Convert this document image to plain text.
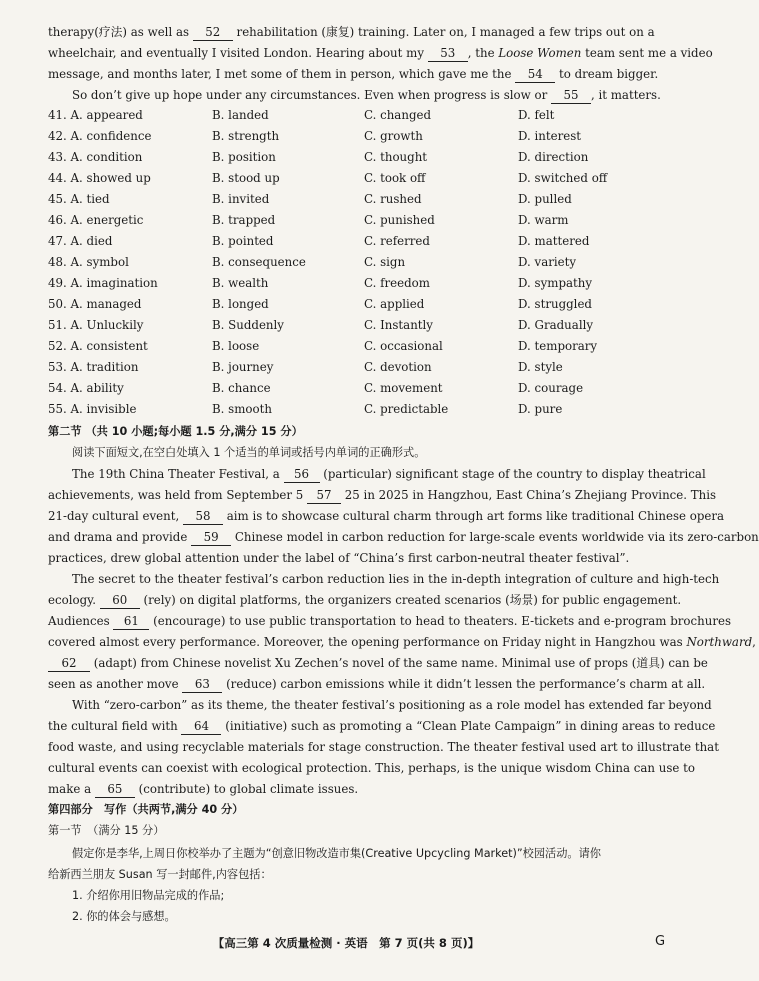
therapy(疗法) as well as 52 rehabilitation (康复) training. Later on, I managed a few trips out on a
wheelchair, and eventually I visited London. Hearing about my 53 , the Loose Women team sent me a video
message, and months later, I met some of them in person, which gave me the 54 to dream bigger.
So don’t give up hope under any circumstances. Even when progress is slow or 55 , it matters.
41. A. appeared	B. landed	C. changed	D. felt
42. A. confidence	B. strength	C. growth	D. interest
43. A. condition	B. position	C. thought	D. direction
44. A. showed up	B. stood up	C. took off	D. switched off
45. A. tied	B. invited	C. rushed	D. pulled
46. A. energetic	B. trapped	C. punished	D. warm
47. A. died	B. pointed	C. referred	D. mattered
48. A. symbol	B. consequence	C. sign	D. variety
49. A. imagination	B. wealth	C. freedom	D. sympathy
50. A. managed	B. longed	C. applied	D. struggled
51. A. Unluckily	B. Suddenly	C. Instantly	D. Gradually
52. A. consistent	B. loose	C. occasional	D. temporary
53. A. tradition	B. journey	C. devotion	D. style
54. A. ability	B. chance	C. movement	D. courage
55. A. invisible	B. smooth	C. predictable	D. pure
第二节 （共 10 小题;每小题 1.5 分,满分 15 分）
阅读下面短文,在空白处填入 1 个适当的单词或括号内单词的正确形式。
The 19th China Theater Festival, a 56 (particular) significant stage of the country to display theatrical
achievements, was held from September 5 57 25 in 2025 in Hangzhou, East China’s Zhejiang Province. This
21-day cultural event, 58 aim is to showcase cultural charm through art forms like traditional Chinese opera
and drama and provide 59 Chinese model in carbon reduction for large-scale events worldwide via its zero-carbon
practices, drew global attention under the label of “China’s first carbon-neutral theater festival”.
The secret to the theater festival’s carbon reduction lies in the in-depth integration of culture and high-tech
ecology. 60 (rely) on digital platforms, the organizers created scenarios (场景) for public engagement.
Audiences 61 (encourage) to use public transportation to head to theaters. E-tickets and e-program brochures
covered almost every performance. Moreover, the opening performance on Friday night in Hangzhou was Northward,
62 (adapt) from Chinese novelist Xu Zechen’s novel of the same name. Minimal use of props (道具) can be
seen as another move 63 (reduce) carbon emissions while it didn’t lessen the performance’s charm at all.
With “zero-carbon” as its theme, the theater festival’s positioning as a role model has extended far beyond
the cultural field with 64 (initiative) such as promoting a “Clean Plate Campaign” in dining areas to reduce
food waste, and using recyclable materials for stage construction. The theater festival used art to illustrate that
cultural events can coexist with ecological protection. This, perhaps, is the unique wisdom China can use to
make a 65 (contribute) to global climate issues.
第四部分　写作（共两节,满分 40 分）
第一节　（满分 15 分）
假定你是李华,上周日你校举办了主题为“创意旧物改造市集(Creative Upcycling Market)”校园活动。请你
给新西兰朋友 Susan 写一封邮件,内容包括：
1. 介绍你用旧物品完成的作品;
2. 你的体会与感想。
【高三第 4 次质量检测 · 英语　第 7 页(共 8 页)】	G
